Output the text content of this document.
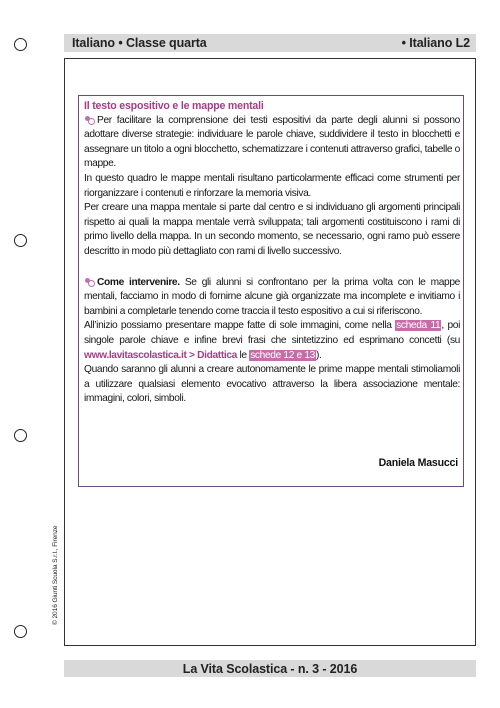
Italiano • Classe quarta	• Italiano L2

Il testo espositivo e le mappe mentali

Per facilitare la comprensione dei testi espositivi da parte degli alunni si possono adottare diverse strategie: individuare le parole chiave, suddividere il testo in blocchetti e assegnare un titolo a ogni blocchetto, schematizzare i contenuti attraverso grafici, tabelle o mappe.

In questo quadro le mappe mentali risultano particolarmente efficaci come strumenti per riorganizzare i contenuti e rinforzare la memoria visiva.

Per creare una mappa mentale si parte dal centro e si individuano gli argomenti principali rispetto ai quali la mappa mentale verrà sviluppata; tali argomenti costituiscono i rami di primo livello della mappa. In un secondo momento, se necessario, ogni ramo può essere descritto in modo più dettagliato con rami di livello successivo.

Come intervenire. Se gli alunni si confrontano per la prima volta con le mappe mentali, facciamo in modo di fornirne alcune già organizzate ma incomplete e invitiamo i bambini a completarle tenendo come traccia il testo espositivo a cui si riferiscono.

All’inizio possiamo presentare mappe fatte di sole immagini, come nella scheda 11, poi singole parole chiave e infine brevi frasi che sintetizzino ed esprimano concetti (su www.lavitascolastica.it > Didattica le schede 12 e 13).

Quando saranno gli alunni a creare autonomamente le prime mappe mentali stimoliamoli a utilizzare qualsiasi elemento evocativo attraverso la libera associazione mentale: immagini, colori, simboli.

Daniela Masucci
© 2016 Giunti Scuola S.r.l., Firenze
La Vita Scolastica - n. 3 - 2016
